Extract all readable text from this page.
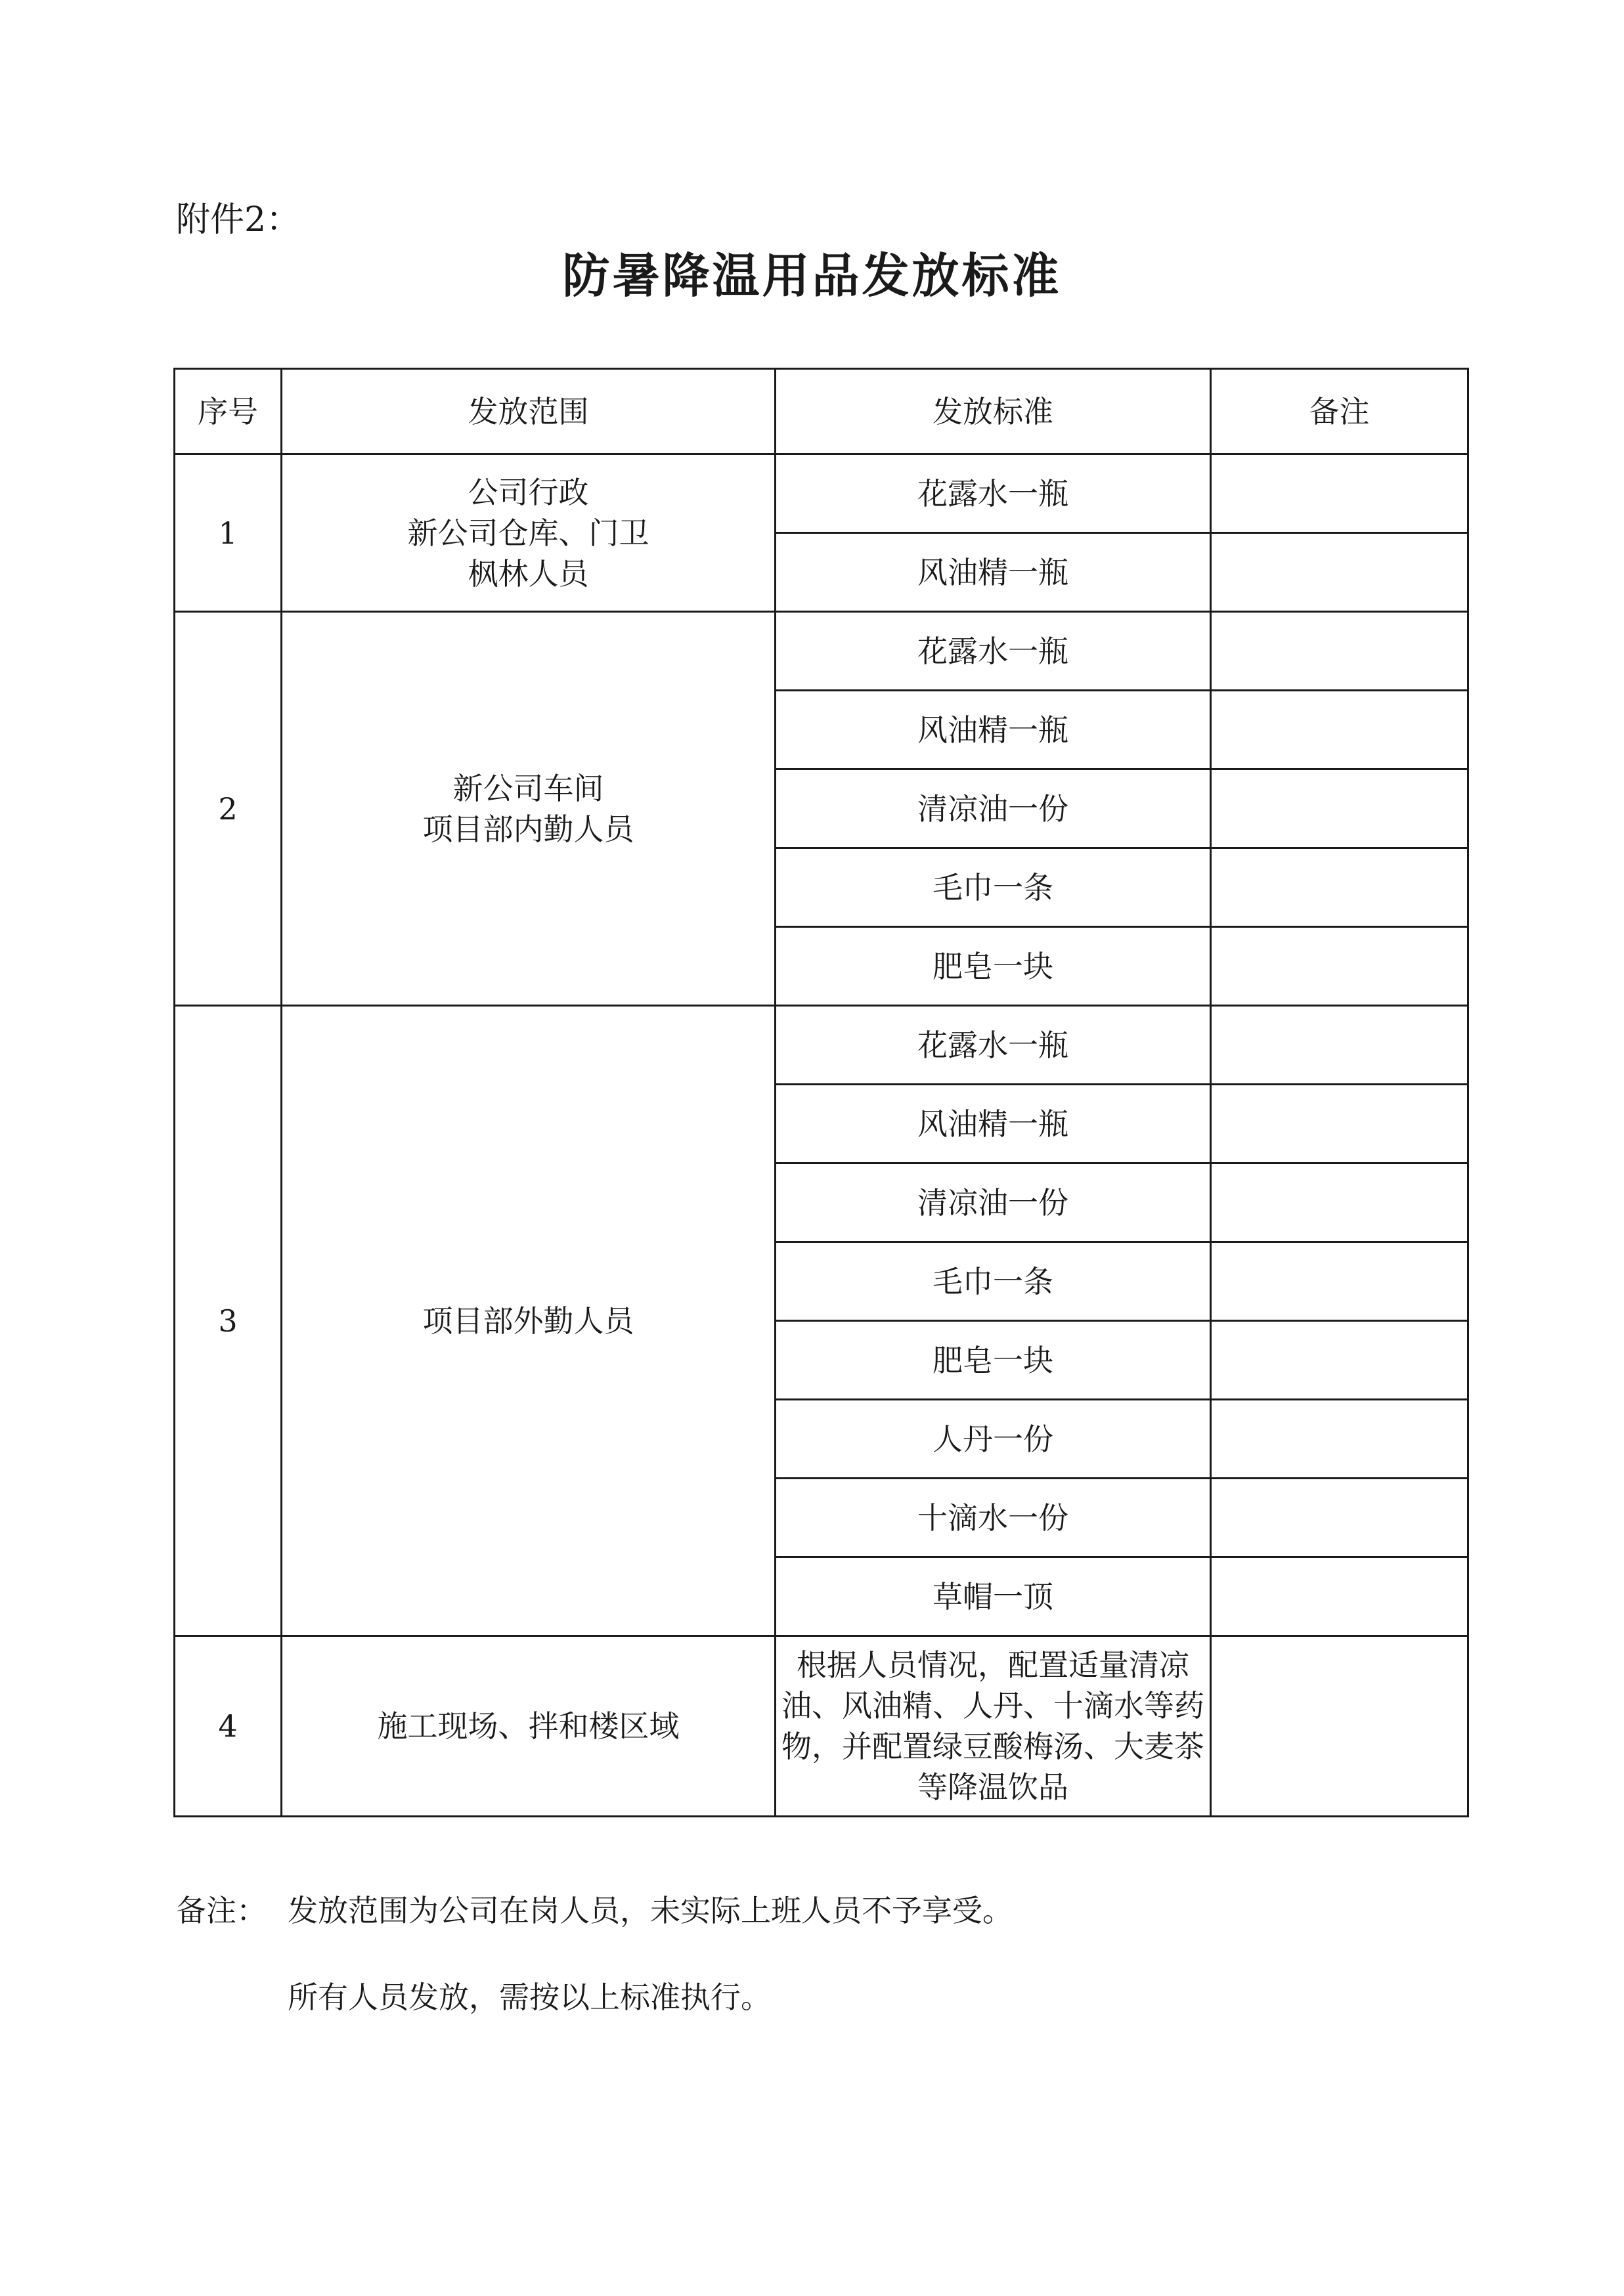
附件2：
防暑降温用品发放标准
序号	发放范围	发放标准	备注
1	公司行政
新公司仓库、门卫
枫林人员	花露水一瓶	
		风油精一瓶	
2	新公司车间
项目部内勤人员	花露水一瓶	
		风油精一瓶	
		清凉油一份	
		毛巾一条	
		肥皂一块	
3	项目部外勤人员	花露水一瓶	
		风油精一瓶	
		清凉油一份	
		毛巾一条	
		肥皂一块	
		人丹一份	
		十滴水一份	
		草帽一顶	
4	施工现场、拌和楼区域	根据人员情况，配置适量清凉油、风油精、人丹、十滴水等药物，并配置绿豆酸梅汤、大麦茶等降温饮品	
备注： 发放范围为公司在岗人员，未实际上班人员不予享受。
所有人员发放，需按以上标准执行。
